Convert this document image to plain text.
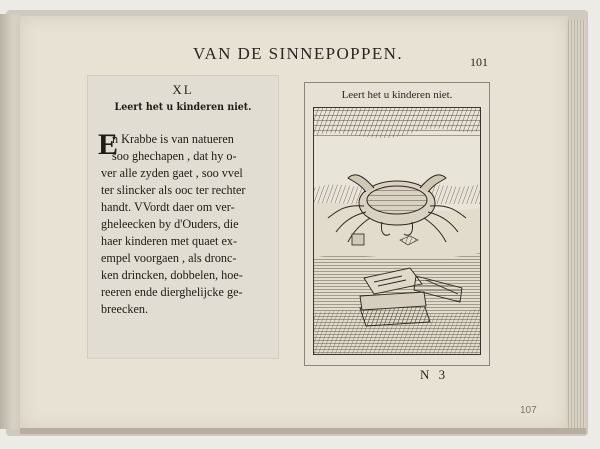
VAN DE SINNEPOPPEN.	101
XL
Leert het u kinderen niet.
E
n Krabbe is van natueren
soo ghechapen , dat hy o-
ver alle zyden gaet , soo vvel
ter slincker als ooc ter rechter
handt. VVordt daer om ver-
gheleecken by d'Ouders, die
haer kinderen met quaet ex-
empel voorgaen , als dronc-
ken drincken, dobbelen, hoe-
reeren ende dierghelijcke ge-
breecken.
Leert het u kinderen niet.
N 3
107
